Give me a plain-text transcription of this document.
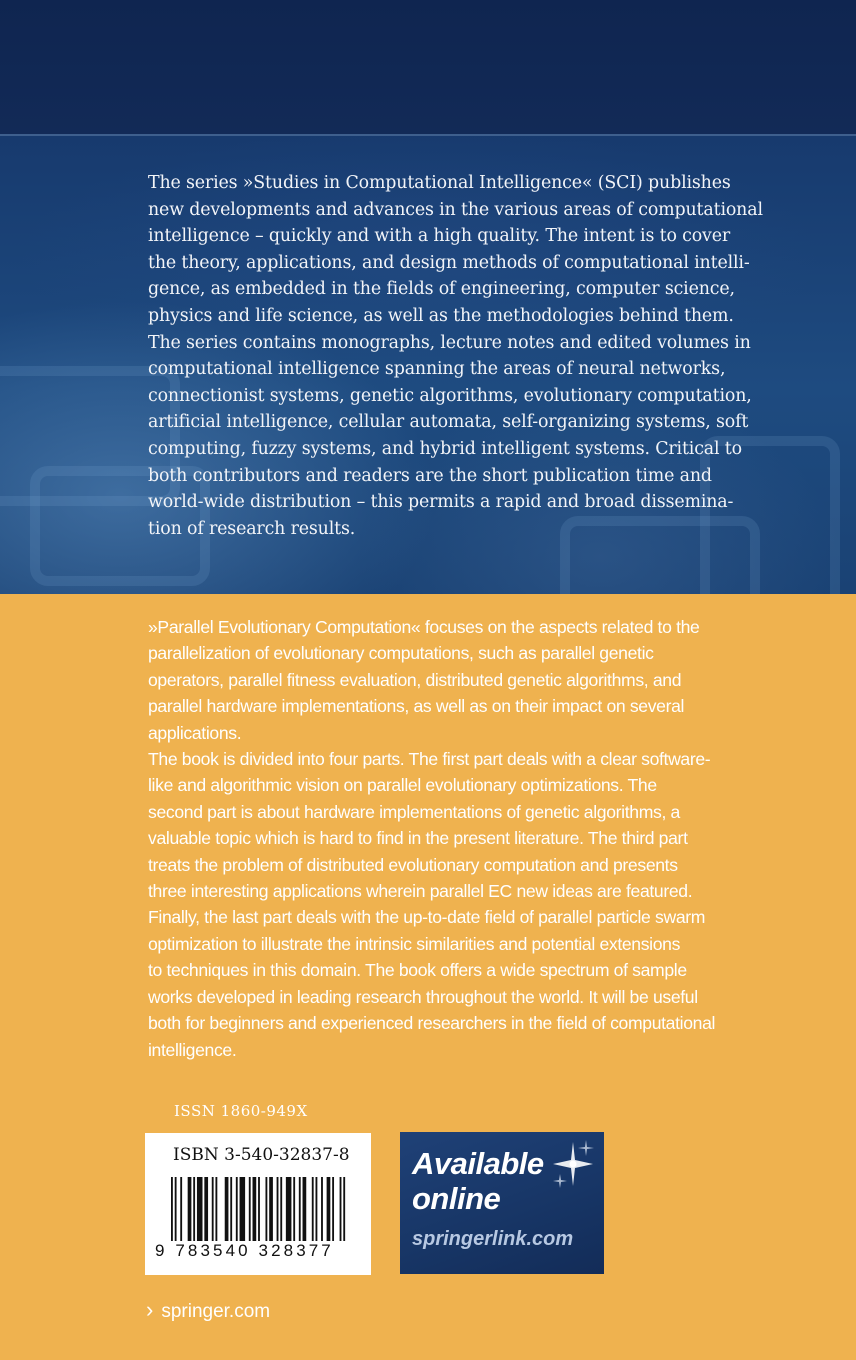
The series »Studies in Computational Intelligence« (SCI) publishes
new developments and advances in the various areas of computational
intelligence – quickly and with a high quality. The intent is to cover
the theory, applications, and design methods of computational intelli-
gence, as embedded in the fields of engineering, computer science,
physics and life science, as well as the methodologies behind them.
The series contains monographs, lecture notes and edited volumes in
computational intelligence spanning the areas of neural networks,
connectionist systems, genetic algorithms, evolutionary computation,
artificial intelligence, cellular automata, self-organizing systems, soft
computing, fuzzy systems, and hybrid intelligent systems. Critical to
both contributors and readers are the short publication time and
world-wide distribution – this permits a rapid and broad dissemina-
tion of research results.

»Parallel Evolutionary Computation« focuses on the aspects related to the
parallelization of evolutionary computations, such as parallel genetic
operators, parallel fitness evaluation, distributed genetic algorithms, and
parallel hardware implementations, as well as on their impact on several
applications.
The book is divided into four parts. The first part deals with a clear software-
like and algorithmic vision on parallel evolutionary optimizations. The
second part is about hardware implementations of genetic algorithms, a
valuable topic which is hard to find in the present literature. The third part
treats the problem of distributed evolutionary computation and presents
three interesting applications wherein parallel EC new ideas are featured.
Finally, the last part deals with the up-to-date field of parallel particle swarm
optimization to illustrate the intrinsic similarities and potential extensions
to techniques in this domain. The book offers a wide spectrum of sample
works developed in leading research throughout the world. It will be useful
both for beginners and experienced researchers in the field of computational
intelligence.

ISSN 1860-949X
ISBN 3-540-32837-8
9 783540 328377
Available
online
springerlink.com
› springer.com
